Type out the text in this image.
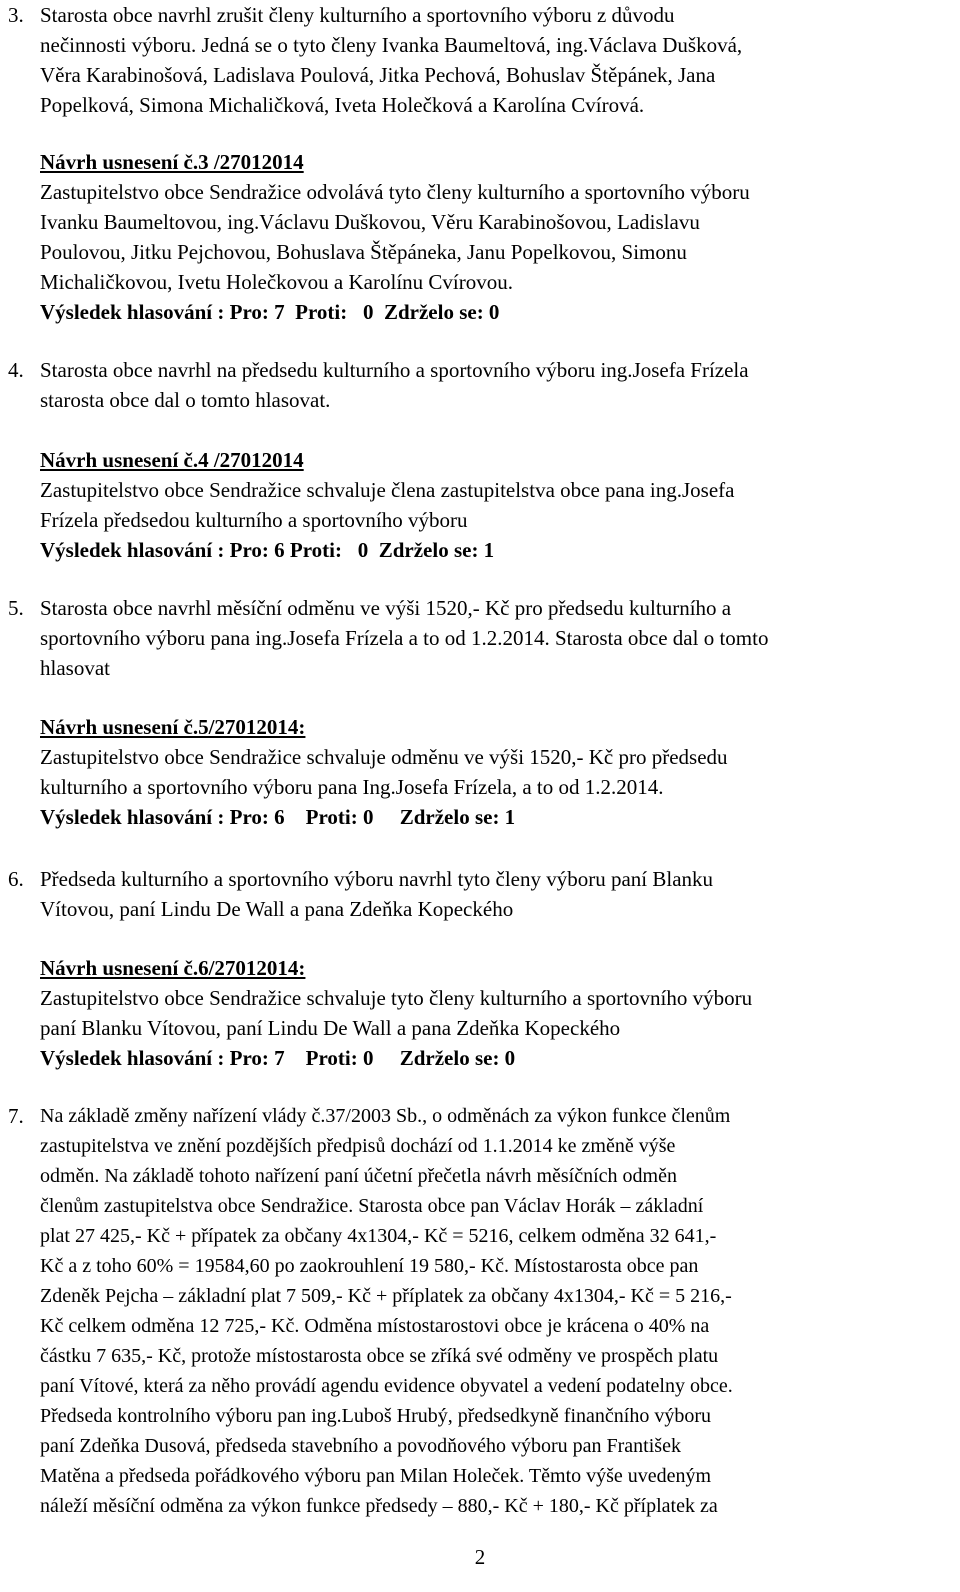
3. Starosta obce navrhl zrušit členy kulturního a sportovního výboru z důvodu
nečinnosti výboru. Jedná se o tyto členy Ivanka Baumeltová, ing.Václava Dušková,
Věra Karabinošová, Ladislava Poulová, Jitka Pechová, Bohuslav Štěpánek, Jana
Popelková, Simona Michaličková, Iveta Holečková a Karolína Cvírová.
Návrh usnesení č.3 /27012014
Zastupitelstvo obce Sendražice odvolává tyto členy kulturního a sportovního výboru
Ivanku Baumeltovou, ing.Václavu Duškovou, Věru Karabinošovou, Ladislavu
Poulovou, Jitku Pejchovou, Bohuslava Štěpáneka, Janu Popelkovou, Simonu
Michaličkovou, Ivetu Holečkovou a Karolínu Cvírovou.
Výsledek hlasování : Pro: 7  Proti:   0  Zdrželo se: 0
4. Starosta obce navrhl na předsedu kulturního a sportovního výboru ing.Josefa Frízela
starosta obce dal o tomto hlasovat.
Návrh usnesení č.4 /27012014
Zastupitelstvo obce Sendražice schvaluje člena zastupitelstva obce pana ing.Josefa
Frízela předsedou kulturního a sportovního výboru
Výsledek hlasování : Pro: 6 Proti:   0  Zdrželo se: 1
5. Starosta obce navrhl měsíční odměnu ve výši 1520,- Kč pro předsedu kulturního a
sportovního výboru pana ing.Josefa Frízela a to od 1.2.2014. Starosta obce dal o tomto
hlasovat
Návrh usnesení č.5/27012014:
Zastupitelstvo obce Sendražice schvaluje odměnu ve výši 1520,- Kč pro předsedu
kulturního a sportovního výboru pana Ing.Josefa Frízela, a to od 1.2.2014.
Výsledek hlasování : Pro: 6    Proti: 0     Zdrželo se: 1
6. Předseda kulturního a sportovního výboru navrhl tyto členy výboru paní Blanku
Vítovou, paní Lindu De Wall a pana Zdeňka Kopeckého
Návrh usnesení č.6/27012014:
Zastupitelstvo obce Sendražice schvaluje tyto členy kulturního a sportovního výboru
paní Blanku Vítovou, paní Lindu De Wall a pana Zdeňka Kopeckého
Výsledek hlasování : Pro: 7    Proti: 0     Zdrželo se: 0
7. Na základě změny nařízení vlády č.37/2003 Sb., o odměnách za výkon funkce členům
zastupitelstva ve znění pozdějších předpisů dochází od 1.1.2014 ke změně výše
odměn. Na základě tohoto nařízení paní účetní přečetla návrh měsíčních odměn
členům zastupitelstva obce Sendražice. Starosta obce pan Václav Horák – základní
plat 27 425,- Kč + přípatek za občany 4x1304,- Kč = 5216, celkem odměna 32 641,-
Kč a z toho 60% = 19584,60 po zaokrouhlení 19 580,- Kč. Místostarosta obce pan
Zdeněk Pejcha – základní plat 7 509,- Kč + příplatek za občany 4x1304,- Kč = 5 216,-
Kč celkem odměna 12 725,- Kč. Odměna místostarostovi obce je krácena o 40% na
částku 7 635,- Kč, protože místostarosta obce se zříká své odměny ve prospěch platu
paní Vítové, která za něho provádí agendu evidence obyvatel a vedení podatelny obce.
Předseda kontrolního výboru pan ing.Luboš Hrubý, předsedkyně finančního výboru
paní Zdeňka Dusová, předseda stavebního a povodňového výboru pan František
Matěna a předseda pořádkového výboru pan Milan Holeček. Těmto výše uvedeným
náleží měsíční odměna za výkon funkce předsedy – 880,- Kč + 180,- Kč příplatek za
2
